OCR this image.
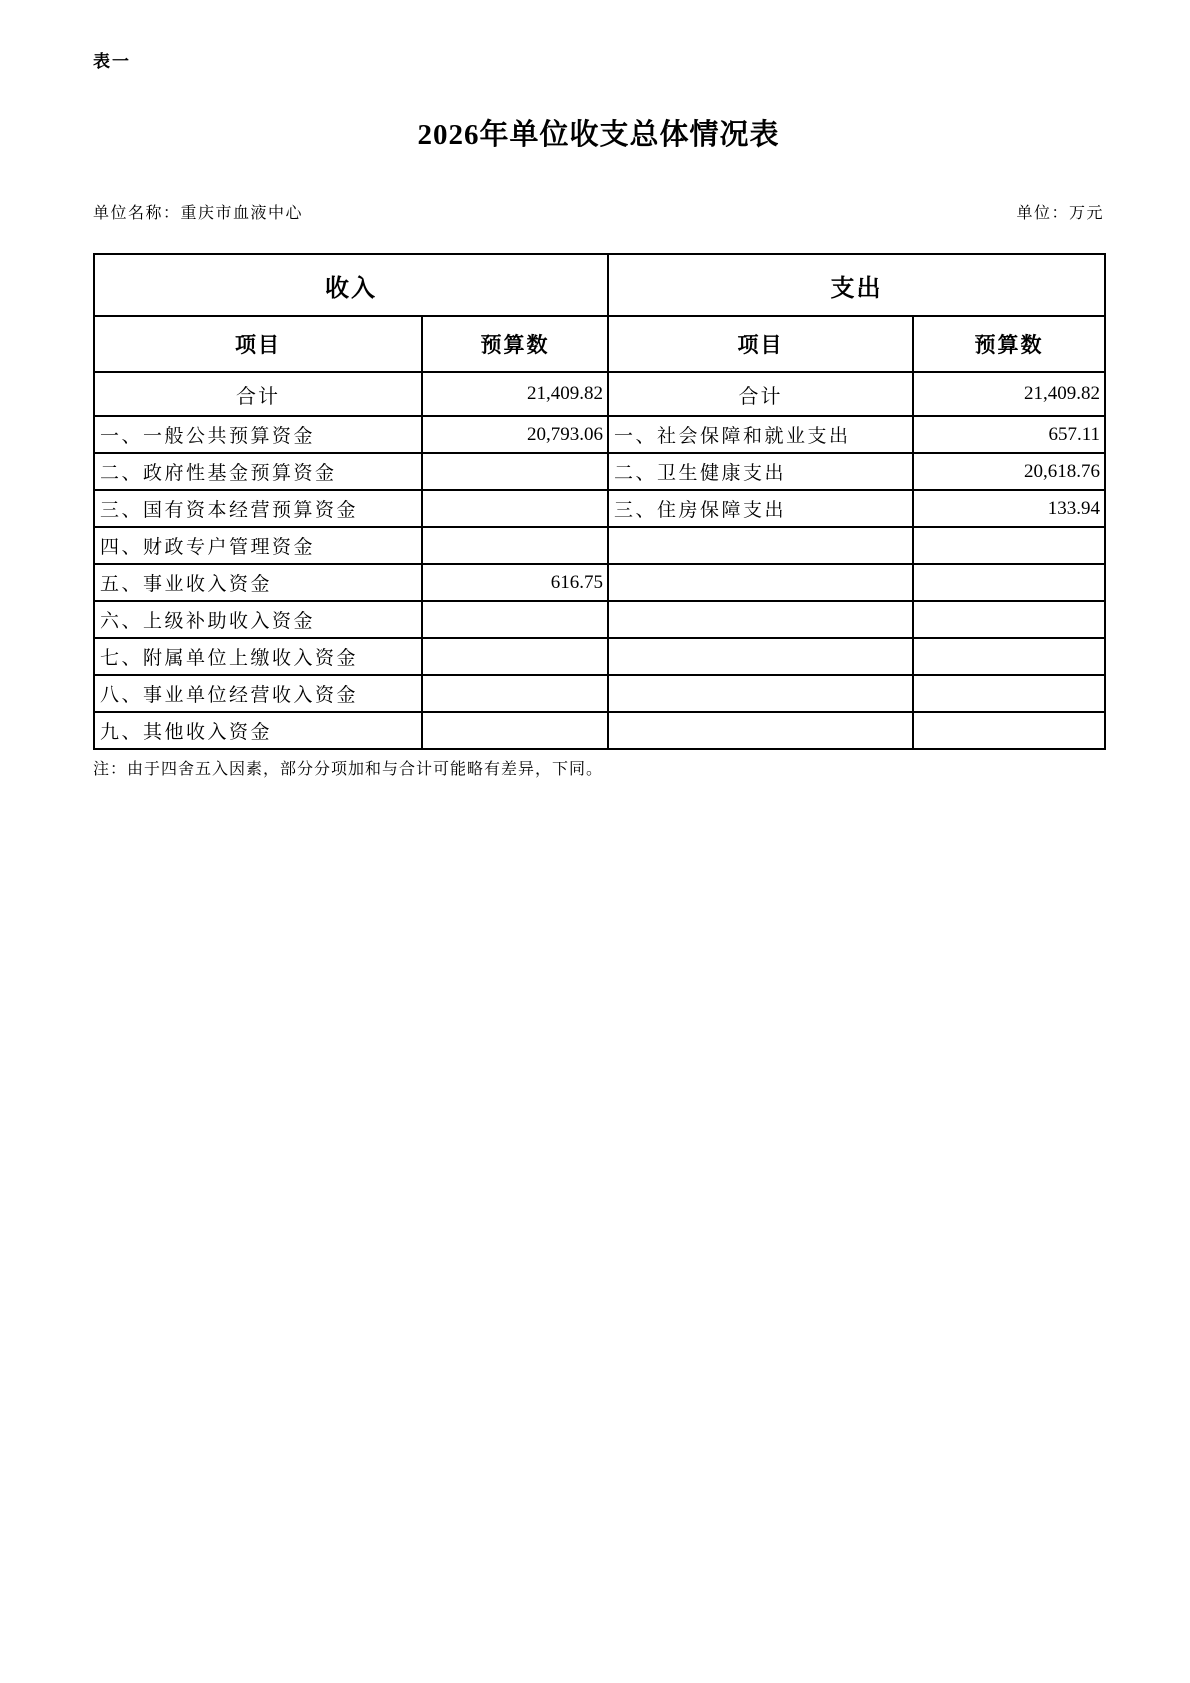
表一
2026年单位收支总体情况表
单位名称：重庆市血液中心	单位：万元
收入		支出	
项目	预算数	项目	预算数
合计	21,409.82	合计	21,409.82
一、一般公共预算资金	20,793.06	一、社会保障和就业支出	657.11
二、政府性基金预算资金		二、卫生健康支出	20,618.76
三、国有资本经营预算资金		三、住房保障支出	133.94
四、财政专户管理资金			
五、事业收入资金	616.75		
六、上级补助收入资金			
七、附属单位上缴收入资金			
八、事业单位经营收入资金			
九、其他收入资金			
注：由于四舍五入因素，部分分项加和与合计可能略有差异，下同。
